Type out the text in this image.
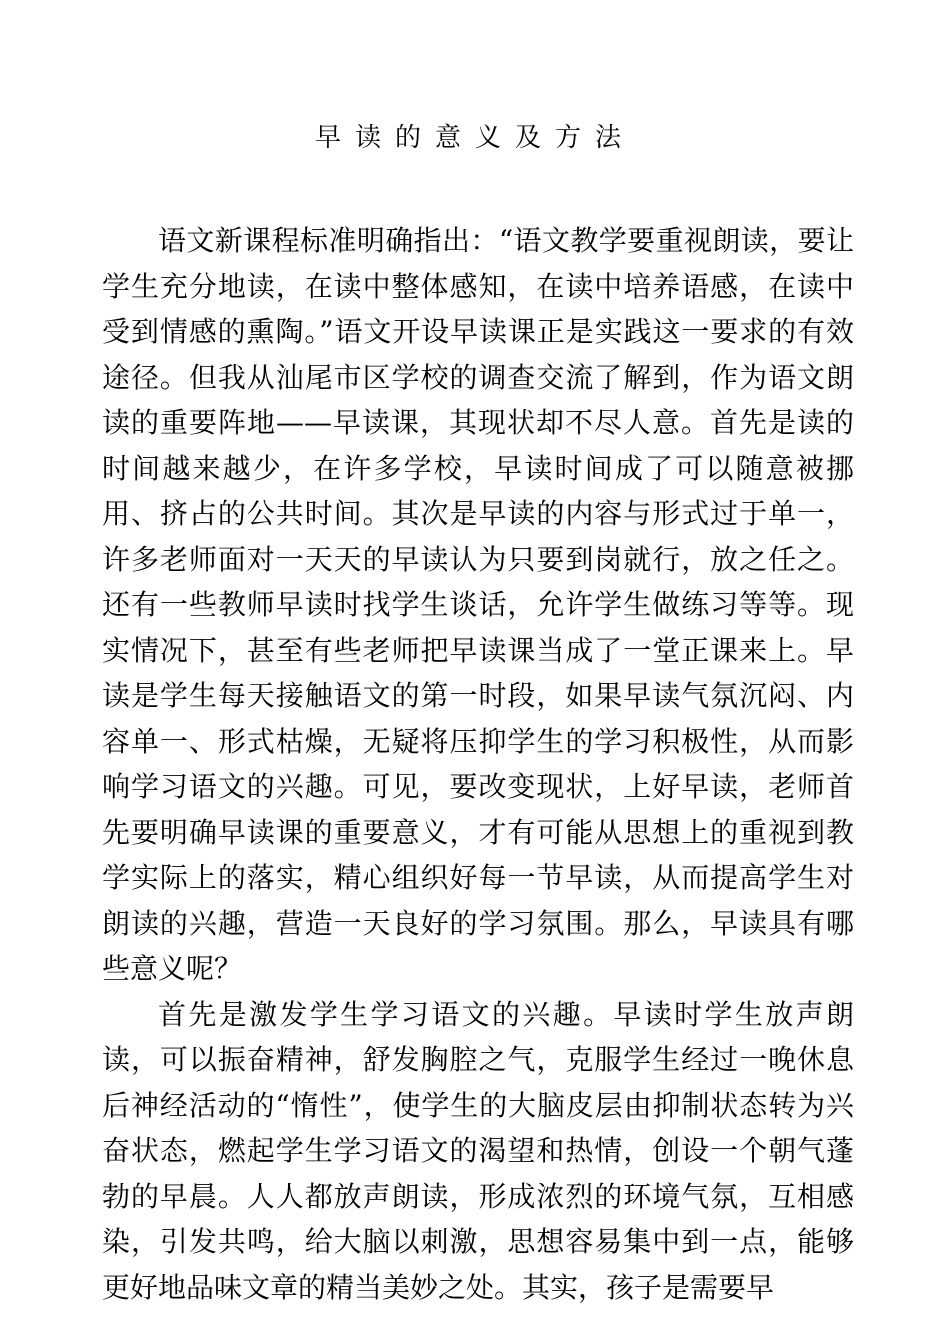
早读的意义及方法

语文新课程标准明确指出：“语文教学要重视朗读，要让学生充分地读，在读中整体感知，在读中培养语感，在读中受到情感的熏陶。”语文开设早读课正是实践这一要求的有效途径。但我从汕尾市区学校的调查交流了解到，作为语文朗读的重要阵地——早读课，其现状却不尽人意。首先是读的时间越来越少，在许多学校，早读时间成了可以随意被挪用、挤占的公共时间。其次是早读的内容与形式过于单一，许多老师面对一天天的早读认为只要到岗就行，放之任之。还有一些教师早读时找学生谈话，允许学生做练习等等。现实情况下，甚至有些老师把早读课当成了一堂正课来上。早读是学生每天接触语文的第一时段，如果早读气氛沉闷、内容单一、形式枯燥，无疑将压抑学生的学习积极性，从而影响学习语文的兴趣。可见，要改变现状，上好早读，老师首先要明确早读课的重要意义，才有可能从思想上的重视到教学实际上的落实，精心组织好每一节早读，从而提高学生对朗读的兴趣，营造一天良好的学习氛围。那么，早读具有哪些意义呢？

首先是激发学生学习语文的兴趣。早读时学生放声朗读，可以振奋精神，舒发胸腔之气，克服学生经过一晚休息后神经活动的“惰性”，使学生的大脑皮层由抑制状态转为兴奋状态，燃起学生学习语文的渴望和热情，创设一个朝气蓬勃的早晨。人人都放声朗读，形成浓烈的环境气氛，互相感染，引发共鸣，给大脑以刺激，思想容易集中到一点，能够更好地品味文章的精当美妙之处。其实，孩子是需要早
